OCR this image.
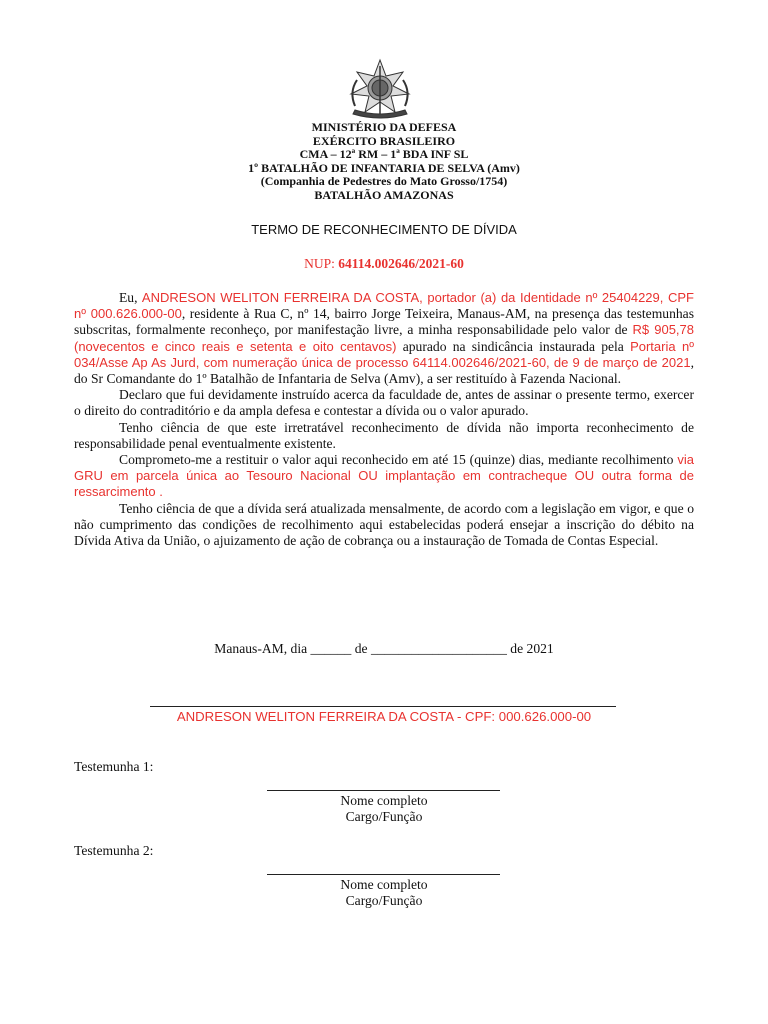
MINISTÉRIO DA DEFESA
EXÉRCITO BRASILEIRO
CMA – 12ª RM – 1ª BDA INF SL
1º BATALHÃO DE INFANTARIA DE SELVA (Amv)
(Companhia de Pedestres do Mato Grosso/1754)
BATALHÃO AMAZONAS
TERMO DE RECONHECIMENTO DE DÍVIDA
NUP: 64114.002646/2021-60

Eu, ANDRESON WELITON FERREIRA DA COSTA, portador (a) da Identidade nº 25404229, CPF nº 000.626.000-00, residente à Rua C, nº 14, bairro Jorge Teixeira, Manaus-AM, na presença das testemunhas subscritas, formalmente reconheço, por manifestação livre, a minha responsabilidade pelo valor de R$ 905,78 (novecentos e cinco reais e setenta e oito centavos) apurado na sindicância instaurada pela Portaria nº 034/Asse Ap As Jurd, com numeração única de processo 64114.002646/2021-60, de 9 de março de 2021, do Sr Comandante do 1º Batalhão de Infantaria de Selva (Amv), a ser restituído à Fazenda Nacional.

Declaro que fui devidamente instruído acerca da faculdade de, antes de assinar o presente termo, exercer o direito do contraditório e da ampla defesa e contestar a dívida ou o valor apurado.

Tenho ciência de que este irretratável reconhecimento de dívida não importa reconhecimento de responsabilidade penal eventualmente existente.

Comprometo-me a restituir o valor aqui reconhecido em até 15 (quinze) dias, mediante recolhimento via GRU em parcela única ao Tesouro Nacional OU implantação em contracheque OU outra forma de ressarcimento .

Tenho ciência de que a dívida será atualizada mensalmente, de acordo com a legislação em vigor, e que o não cumprimento das condições de recolhimento aqui estabelecidas poderá ensejar a inscrição do débito na Dívida Ativa da União, o ajuizamento de ação de cobrança ou a instauração de Tomada de Contas Especial.

Manaus-AM, dia ______ de ____________________ de 2021
ANDRESON WELITON FERREIRA DA COSTA - CPF: 000.626.000-00
Testemunha 1:
Nome completo
Cargo/Função
Testemunha 2:
Nome completo
Cargo/Função
